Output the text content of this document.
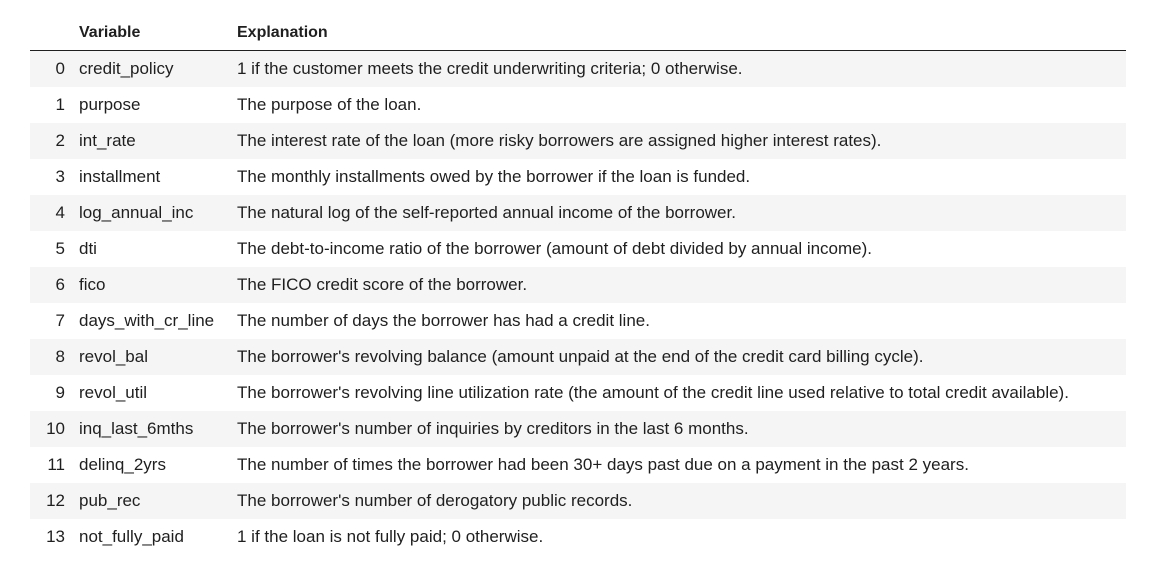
	Variable	Explanation
0	credit_policy	1 if the customer meets the credit underwriting criteria; 0 otherwise.
1	purpose	The purpose of the loan.
2	int_rate	The interest rate of the loan (more risky borrowers are assigned higher interest rates).
3	installment	The monthly installments owed by the borrower if the loan is funded.
4	log_annual_inc	The natural log of the self-reported annual income of the borrower.
5	dti	The debt-to-income ratio of the borrower (amount of debt divided by annual income).
6	fico	The FICO credit score of the borrower.
7	days_with_cr_line	The number of days the borrower has had a credit line.
8	revol_bal	The borrower's revolving balance (amount unpaid at the end of the credit card billing cycle).
9	revol_util	The borrower's revolving line utilization rate (the amount of the credit line used relative to total credit available).
10	inq_last_6mths	The borrower's number of inquiries by creditors in the last 6 months.
11	delinq_2yrs	The number of times the borrower had been 30+ days past due on a payment in the past 2 years.
12	pub_rec	The borrower's number of derogatory public records.
13	not_fully_paid	1 if the loan is not fully paid; 0 otherwise.
